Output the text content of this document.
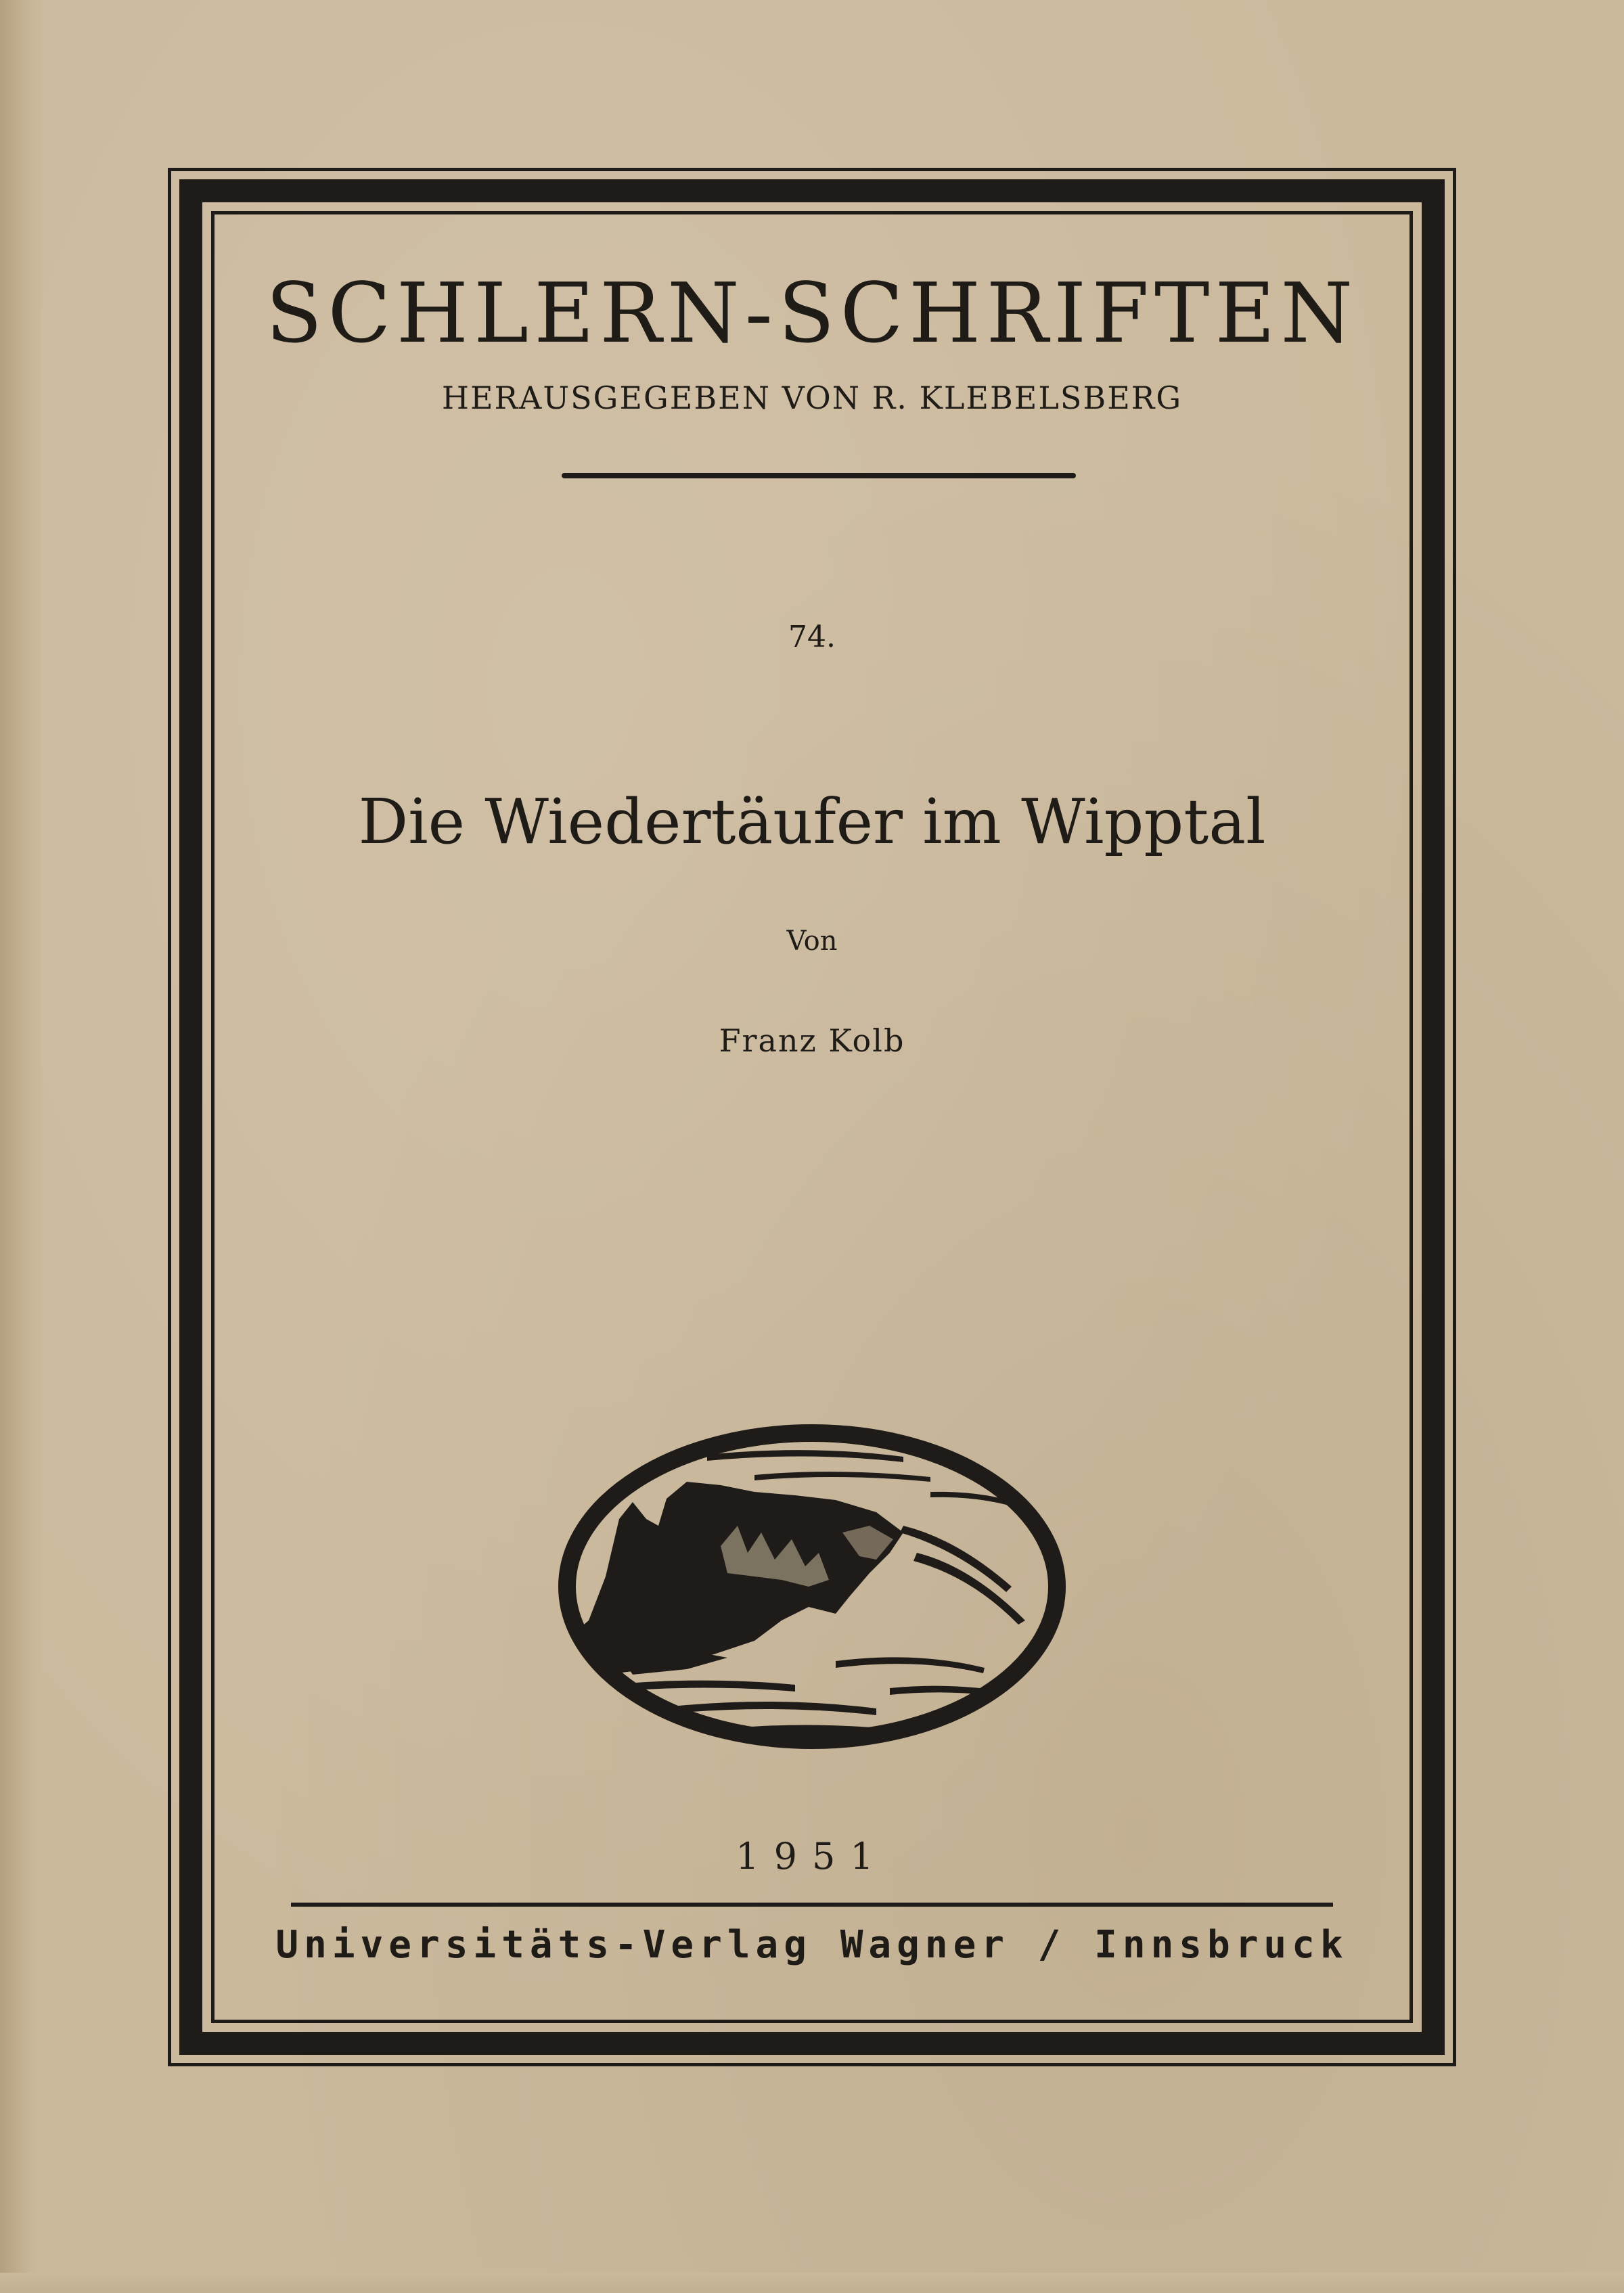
SCHLERN-SCHRIFTEN
HERAUSGEGEBEN VON R. KLEBELSBERG
74.
Die Wiedertäufer im Wipptal
Von
Franz Kolb
1951
Universitäts-Verlag Wagner / Innsbruck
